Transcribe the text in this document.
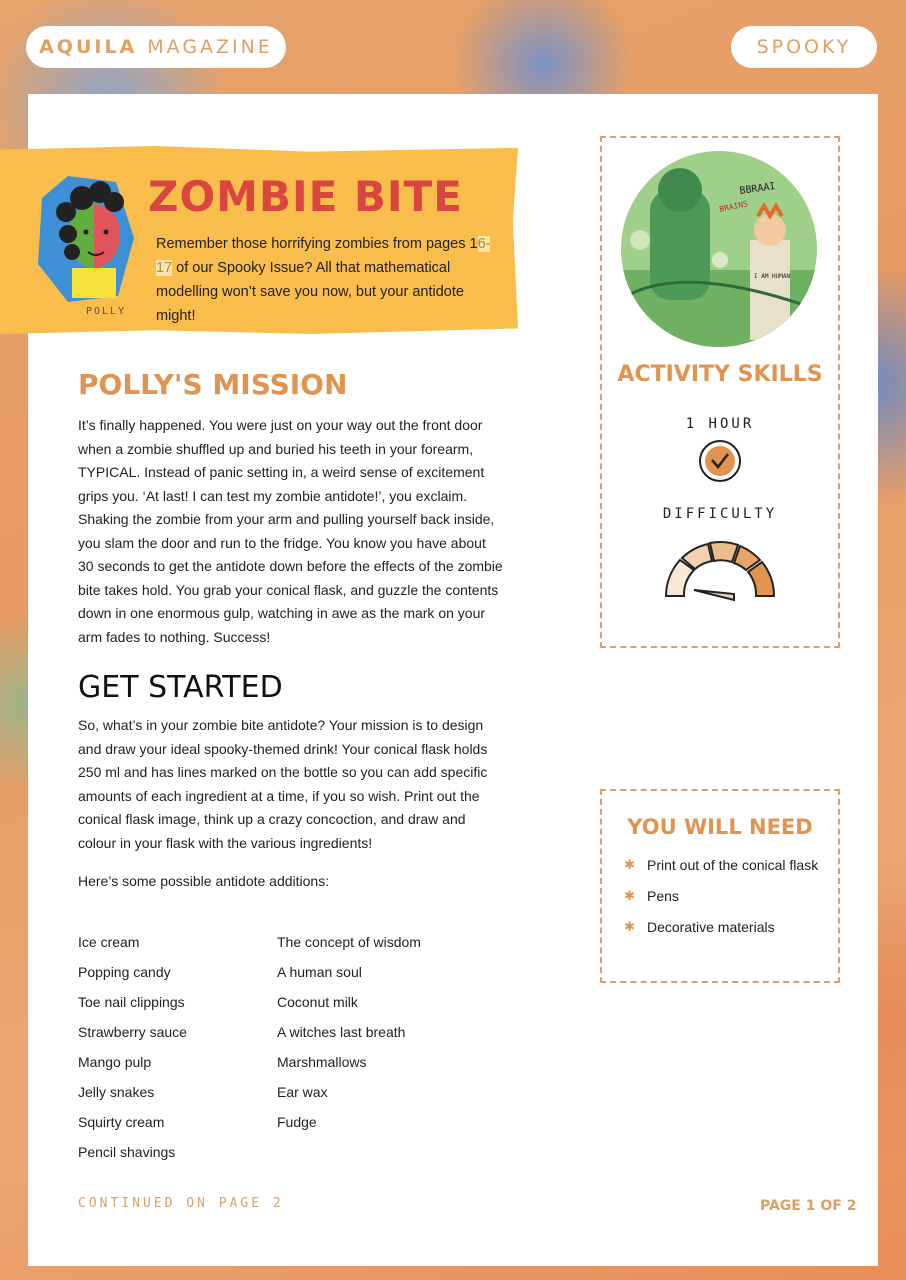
AQUILA MAGAZINE	SPOOKY
POLLY
ZOMBIE BITE
Remember those horrifying zombies from pages 16-17 of our Spooky Issue? All that mathematical modelling won’t save you now, but your antidote might!
POLLY'S MISSION

It’s finally happened. You were just on your way out the front door when a zombie shuffled up and buried his teeth in your forearm, TYPICAL. Instead of panic setting in, a weird sense of excitement grips you. ‘At last! I can test my zombie antidote!’, you exclaim. Shaking the zombie from your arm and pulling yourself back inside, you slam the door and run to the fridge. You know you have about 30 seconds to get the antidote down before the effects of the zombie bite takes hold. You grab your conical flask, and guzzle the contents down in one enormous gulp, watching in awe as the mark on your arm fades to nothing. Success!

GET STARTED

So, what’s in your zombie bite antidote? Your mission is to design and draw your ideal spooky-themed drink! Your conical flask holds 250 ml and has lines marked on the bottle so you can add specific amounts of each ingredient at a time, if you so wish. Print out the conical flask image, think up a crazy concoction, and draw and colour in your flask with the various ingredients!

Here’s some possible antidote additions:

Ice cream
Popping candy
Toe nail clippings
Strawberry sauce
Mango pulp
Jelly snakes
Squirty cream
Pencil shavings
The concept of wisdom
A human soul
Coconut milk
A witches last breath
Marshmallows
Ear wax
Fudge
BBRAAI
BRAINS
I AM HUMAN
ACTIVITY SKILLS
1 HOUR
DIFFICULTY
YOU WILL NEED
✱ Print out of the conical flask
✱ Pens
✱ Decorative materials
CONTINUED ON PAGE 2	PAGE 1 OF 2
